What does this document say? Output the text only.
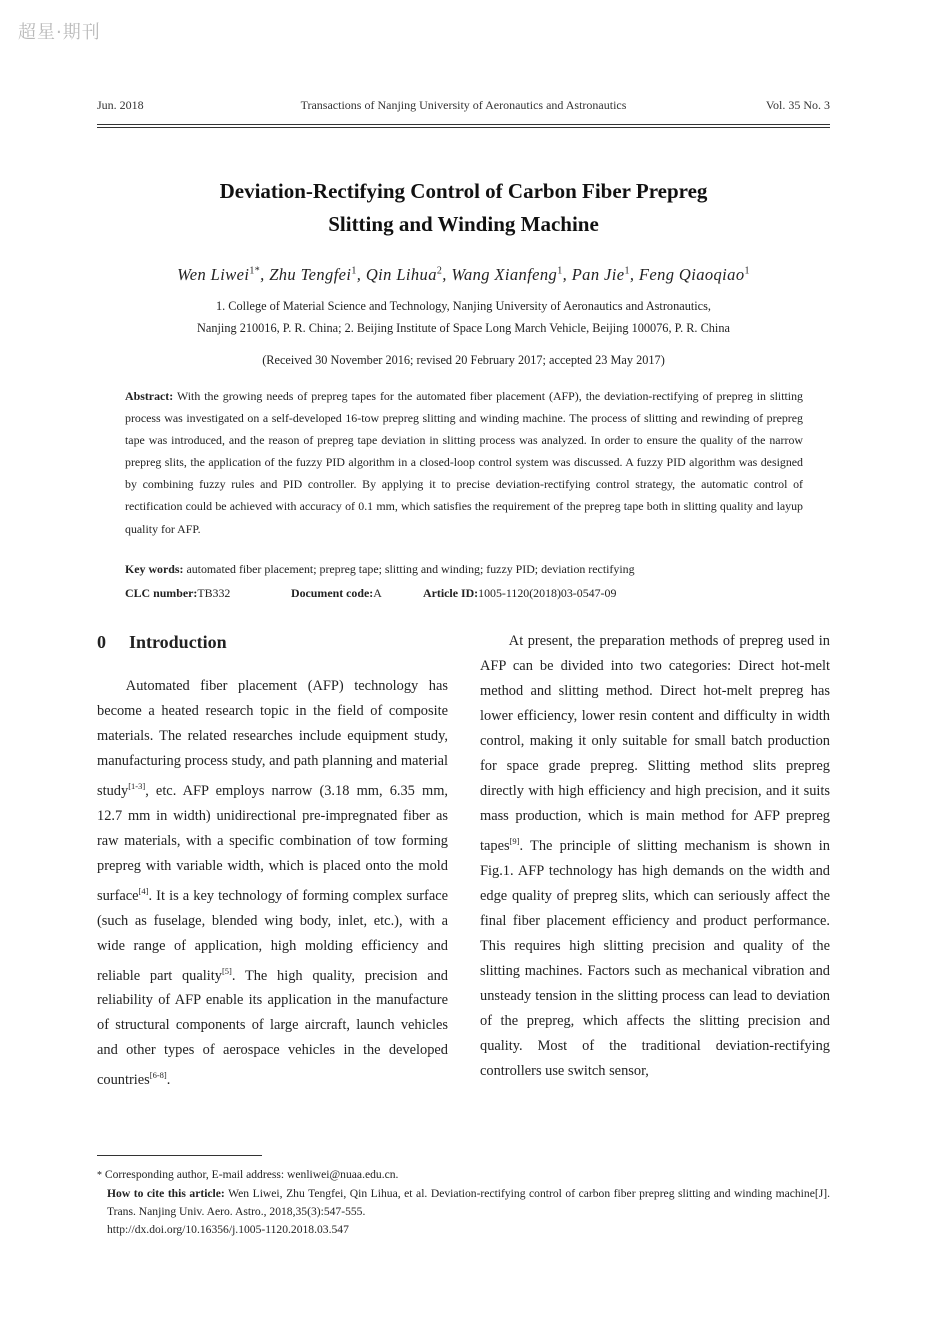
超星·期刊
Transactions of Nanjing University of Aeronautics and Astronautics
Jun. 2018	Vol. 35 No. 3
Deviation-Rectifying Control of Carbon Fiber Prepreg
Slitting and Winding Machine
Wen Liwei$^{1*}$, Zhu Tengfei$^1$, Qin Lihua$^2$, Wang Xianfeng$^1$, Pan Jie$^1$, Feng Qiaoqiao$^1$
1. College of Material Science and Technology, Nanjing University of Aeronautics and Astronautics,
Nanjing 210016, P. R. China; 2. Beijing Institute of Space Long March Vehicle, Beijing 100076, P. R. China
(Received 30 November 2016; revised 20 February 2017; accepted 23 May 2017)
Abstract: With the growing needs of prepreg tapes for the automated fiber placement (AFP), the deviation-rectifying of prepreg in slitting process was investigated on a self-developed 16-tow prepreg slitting and winding machine. The process of slitting and rewinding of prepreg tape was introduced, and the reason of prepreg tape deviation in slitting process was analyzed. In order to ensure the quality of the narrow prepreg slits, the application of the fuzzy PID algorithm in a closed-loop control system was discussed. A fuzzy PID algorithm was designed by combining fuzzy rules and PID controller. By applying it to precise deviation-rectifying control strategy, the automatic control of rectification could be achieved with accuracy of 0.1 mm, which satisfies the requirement of the prepreg tape both in slitting quality and layup quality for AFP.
Key words: automated fiber placement; prepreg tape; slitting and winding; fuzzy PID; deviation rectifying
CLC number:TB332	Document code:A	Article ID:1005-1120(2018)03-0547-09
0 Introduction

Automated fiber placement (AFP) technology has become a heated research topic in the field of composite materials. The related researches include equipment study, manufacturing process study, and path planning and material study[1-3], etc. AFP employs narrow (3.18 mm, 6.35 mm, 12.7 mm in width) unidirectional pre-impregnated fiber as raw materials, with a specific combination of tow forming prepreg with variable width, which is placed onto the mold surface[4]. It is a key technology of forming complex surface (such as fuselage, blended wing body, inlet, etc.), with a wide range of application, high molding efficiency and reliable part quality[5]. The high quality, precision and reliability of AFP enable its application in the manufacture of structural components of large aircraft, launch vehicles and other types of aerospace vehicles in the developed countries[6-8].

At present, the preparation methods of prepreg used in AFP can be divided into two categories: Direct hot-melt method and slitting method. Direct hot-melt prepreg has lower efficiency, lower resin content and difficulty in width control, making it only suitable for small batch production for space grade prepreg. Slitting method slits prepreg directly with high efficiency and high precision, and it suits mass production, which is main method for AFP prepreg tapes[9]. The principle of slitting mechanism is shown in Fig.1. AFP technology has high demands on the width and edge quality of prepreg slits, which can seriously affect the final fiber placement efficiency and product performance. This requires high slitting precision and quality of the slitting machines. Factors such as mechanical vibration and unsteady tension in the slitting process can lead to deviation of the prepreg, which affects the slitting precision and quality. Most of the traditional deviation-rectifying controllers use switch sensor,

* Corresponding author, E-mail address: wenliwei@nuaa.edu.cn.
How to cite this article: Wen Liwei, Zhu Tengfei, Qin Lihua, et al. Deviation-rectifying control of carbon fiber prepreg slitting and winding machine[J]. Trans. Nanjing Univ. Aero. Astro., 2018,35(3):547-555.
http://dx.doi.org/10.16356/j.1005-1120.2018.03.547
